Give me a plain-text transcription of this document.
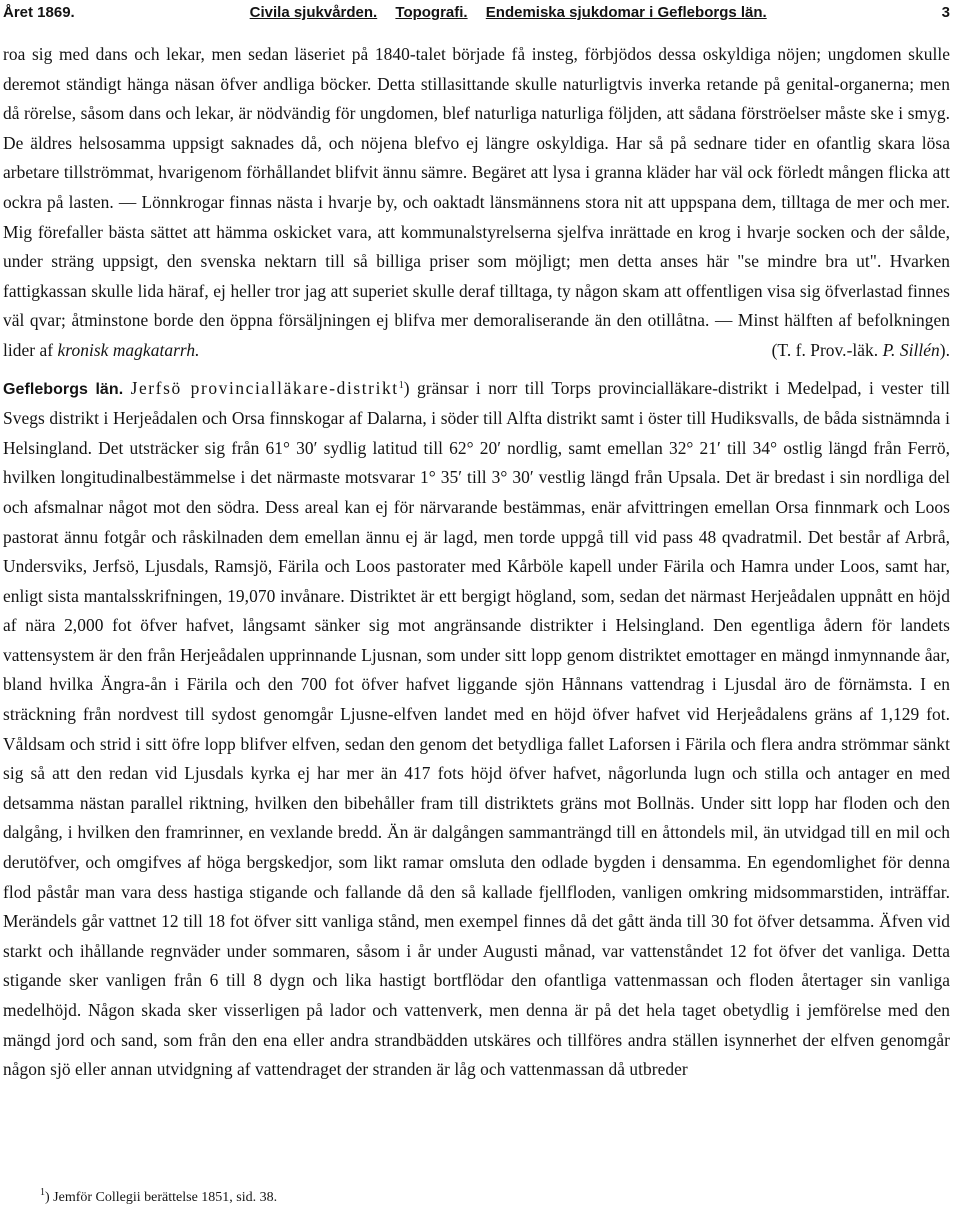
Året 1869.	Civila sjukvården. Topografi. Endemiska sjukdomar i Gefleborgs län.	3

roa sig med dans och lekar, men sedan läseriet på 1840-talet började få insteg, förbjödos dessa oskyldiga nöjen; ungdomen skulle deremot ständigt hänga näsan öfver andliga böcker. Detta stillasittande skulle naturligtvis inverka retande på genital-organerna; men då rörelse, såsom dans och lekar, är nödvändig för ungdomen, blef naturliga naturliga följden, att sådana förströelser måste ske i smyg. De äldres helsosamma uppsigt saknades då, och nöjena blefvo ej längre oskyldiga. Har så på sednare tider en ofantlig skara lösa arbetare tillströmmat, hvarigenom förhållandet blifvit ännu sämre. Begäret att lysa i granna kläder har väl ock förledt mången flicka att ockra på lasten. — Lönnkrogar finnas nästa i hvarje by, och oaktadt länsmännens stora nit att uppspana dem, tilltaga de mer och mer. Mig förefaller bästa sättet att hämma oskicket vara, att kommunalstyrelserna sjelfva inrättade en krog i hvarje socken och der sålde, under sträng uppsigt, den svenska nektarn till så billiga priser som möjligt; men detta anses här "se mindre bra ut". Hvarken fattigkassan skulle lida häraf, ej heller tror jag att superiet skulle deraf tilltaga, ty någon skam att offentligen visa sig öfverlastad finnes väl qvar; åtminstone borde den öppna försäljningen ej blifva mer demoraliserande än den otillåtna. — Minst hälften af befolkningen lider af kronisk magkatarrh.	(T. f. Prov.-läk. P. Sillén).

Gefleborgs län. Jerfsö provincialläkare-distrikt$^1$) gränsar i norr till Torps provincialläkare-distrikt i Medelpad, i vester till Svegs distrikt i Herjeådalen och Orsa finnskogar af Dalarna, i söder till Alfta distrikt samt i öster till Hudiksvalls, de båda sistnämnda i Helsingland. Det utsträcker sig från 61° 30′ sydlig latitud till 62° 20′ nordlig, samt emellan 32° 21′ till 34° ostlig längd från Ferrö, hvilken longitudinalbestämmelse i det närmaste motsvarar 1° 35′ till 3° 30′ vestlig längd från Upsala. Det är bredast i sin nordliga del och afsmalnar något mot den södra. Dess areal kan ej för närvarande bestämmas, enär afvittringen emellan Orsa finnmark och Loos pastorat ännu fotgår och råskilnaden dem emellan ännu ej är lagd, men torde uppgå till vid pass 48 qvadratmil. Det består af Arbrå, Undersviks, Jerfsö, Ljusdals, Ramsjö, Färila och Loos pastorater med Kårböle kapell under Färila och Hamra under Loos, samt har, enligt sista mantalsskrifningen, 19,070 invånare. Distriktet är ett bergigt högland, som, sedan det närmast Herjeådalen uppnått en höjd af nära 2,000 fot öfver hafvet, långsamt sänker sig mot angränsande distrikter i Helsingland. Den egentliga ådern för landets vattensystem är den från Herjeådalen upprinnande Ljusnan, som under sitt lopp genom distriktet emottager en mängd inmynnande åar, bland hvilka Ängra-ån i Färila och den 700 fot öfver hafvet liggande sjön Hånnans vattendrag i Ljusdal äro de förnämsta. I en sträckning från nordvest till sydost genomgår Ljusne-elfven landet med en höjd öfver hafvet vid Herjeådalens gräns af 1,129 fot. Våldsam och strid i sitt öfre lopp blifver elfven, sedan den genom det betydliga fallet Laforsen i Färila och flera andra strömmar sänkt sig så att den redan vid Ljusdals kyrka ej har mer än 417 fots höjd öfver hafvet, någorlunda lugn och stilla och antager en med detsamma nästan parallel riktning, hvilken den bibehåller fram till distriktets gräns mot Bollnäs. Under sitt lopp har floden och den dalgång, i hvilken den framrinner, en vexlande bredd. Än är dalgången sammanträngd till en åttondels mil, än utvidgad till en mil och derutöfver, och omgifves af höga bergskedjor, som likt ramar omsluta den odlade bygden i densamma. En egendomlighet för denna flod påstår man vara dess hastiga stigande och fallande då den så kallade fjellfloden, vanligen omkring midsommarstiden, inträffar. Merändels går vattnet 12 till 18 fot öfver sitt vanliga stånd, men exempel finnes då det gått ända till 30 fot öfver detsamma. Äfven vid starkt och ihållande regnväder under sommaren, såsom i år under Augusti månad, var vattenståndet 12 fot öfver det vanliga. Detta stigande sker vanligen från 6 till 8 dygn och lika hastigt bortflödar den ofantliga vattenmassan och floden återtager sin vanliga medelhöjd. Någon skada sker visserligen på lador och vattenverk, men denna är på det hela taget obetydlig i jemförelse med den mängd jord och sand, som från den ena eller andra strandbädden utskäres och tillföres andra ställen isynnerhet der elfven genomgår någon sjö eller annan utvidgning af vattendraget der stranden är låg och vattenmassan då utbreder

$^1$) Jemför Collegii berättelse 1851, sid. 38.
